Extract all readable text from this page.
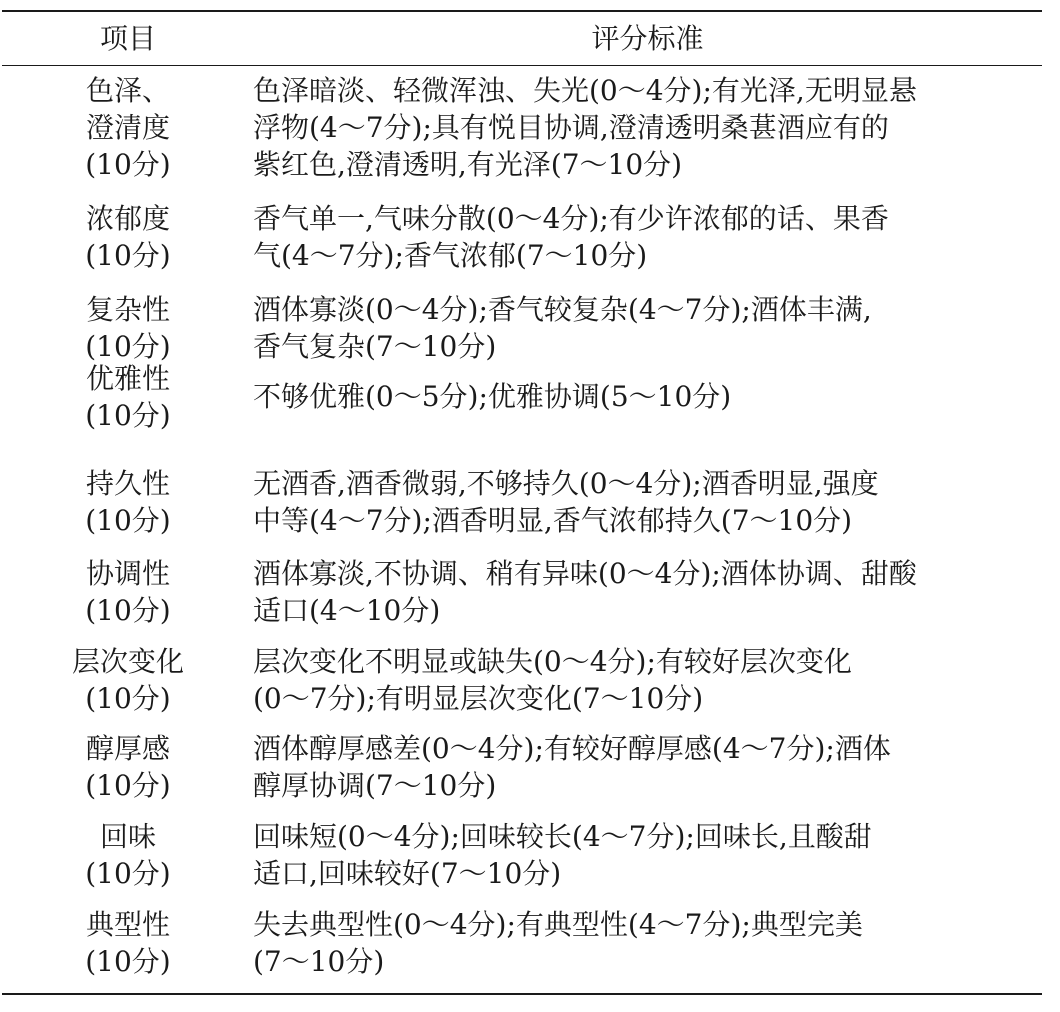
项目	评分标准
色泽、
澄清度
(10分)
色泽暗淡、轻微浑浊、失光(0～4分);有光泽,无明显悬
浮物(4～7分);具有悦目协调,澄清透明桑葚酒应有的
紫红色,澄清透明,有光泽(7～10分)
浓郁度
(10分)
香气单一,气味分散(0～4分);有少许浓郁的话、果香
气(4～7分);香气浓郁(7～10分)
复杂性
(10分)
酒体寡淡(0～4分);香气较复杂(4～7分);酒体丰满,
香气复杂(7～10分)
优雅性
(10分)
不够优雅(0～5分);优雅协调(5～10分)
持久性
(10分)
无酒香,酒香微弱,不够持久(0～4分);酒香明显,强度
中等(4～7分);酒香明显,香气浓郁持久(7～10分)
协调性
(10分)
酒体寡淡,不协调、稍有异味(0～4分);酒体协调、甜酸
适口(4～10分)
层次变化
(10分)
层次变化不明显或缺失(0～4分);有较好层次变化
(0～7分);有明显层次变化(7～10分)
醇厚感
(10分)
酒体醇厚感差(0～4分);有较好醇厚感(4～7分);酒体
醇厚协调(7～10分)
回味
(10分)
回味短(0～4分);回味较长(4～7分);回味长,且酸甜
适口,回味较好(7～10分)
典型性
(10分)
失去典型性(0～4分);有典型性(4～7分);典型完美
(7～10分)
